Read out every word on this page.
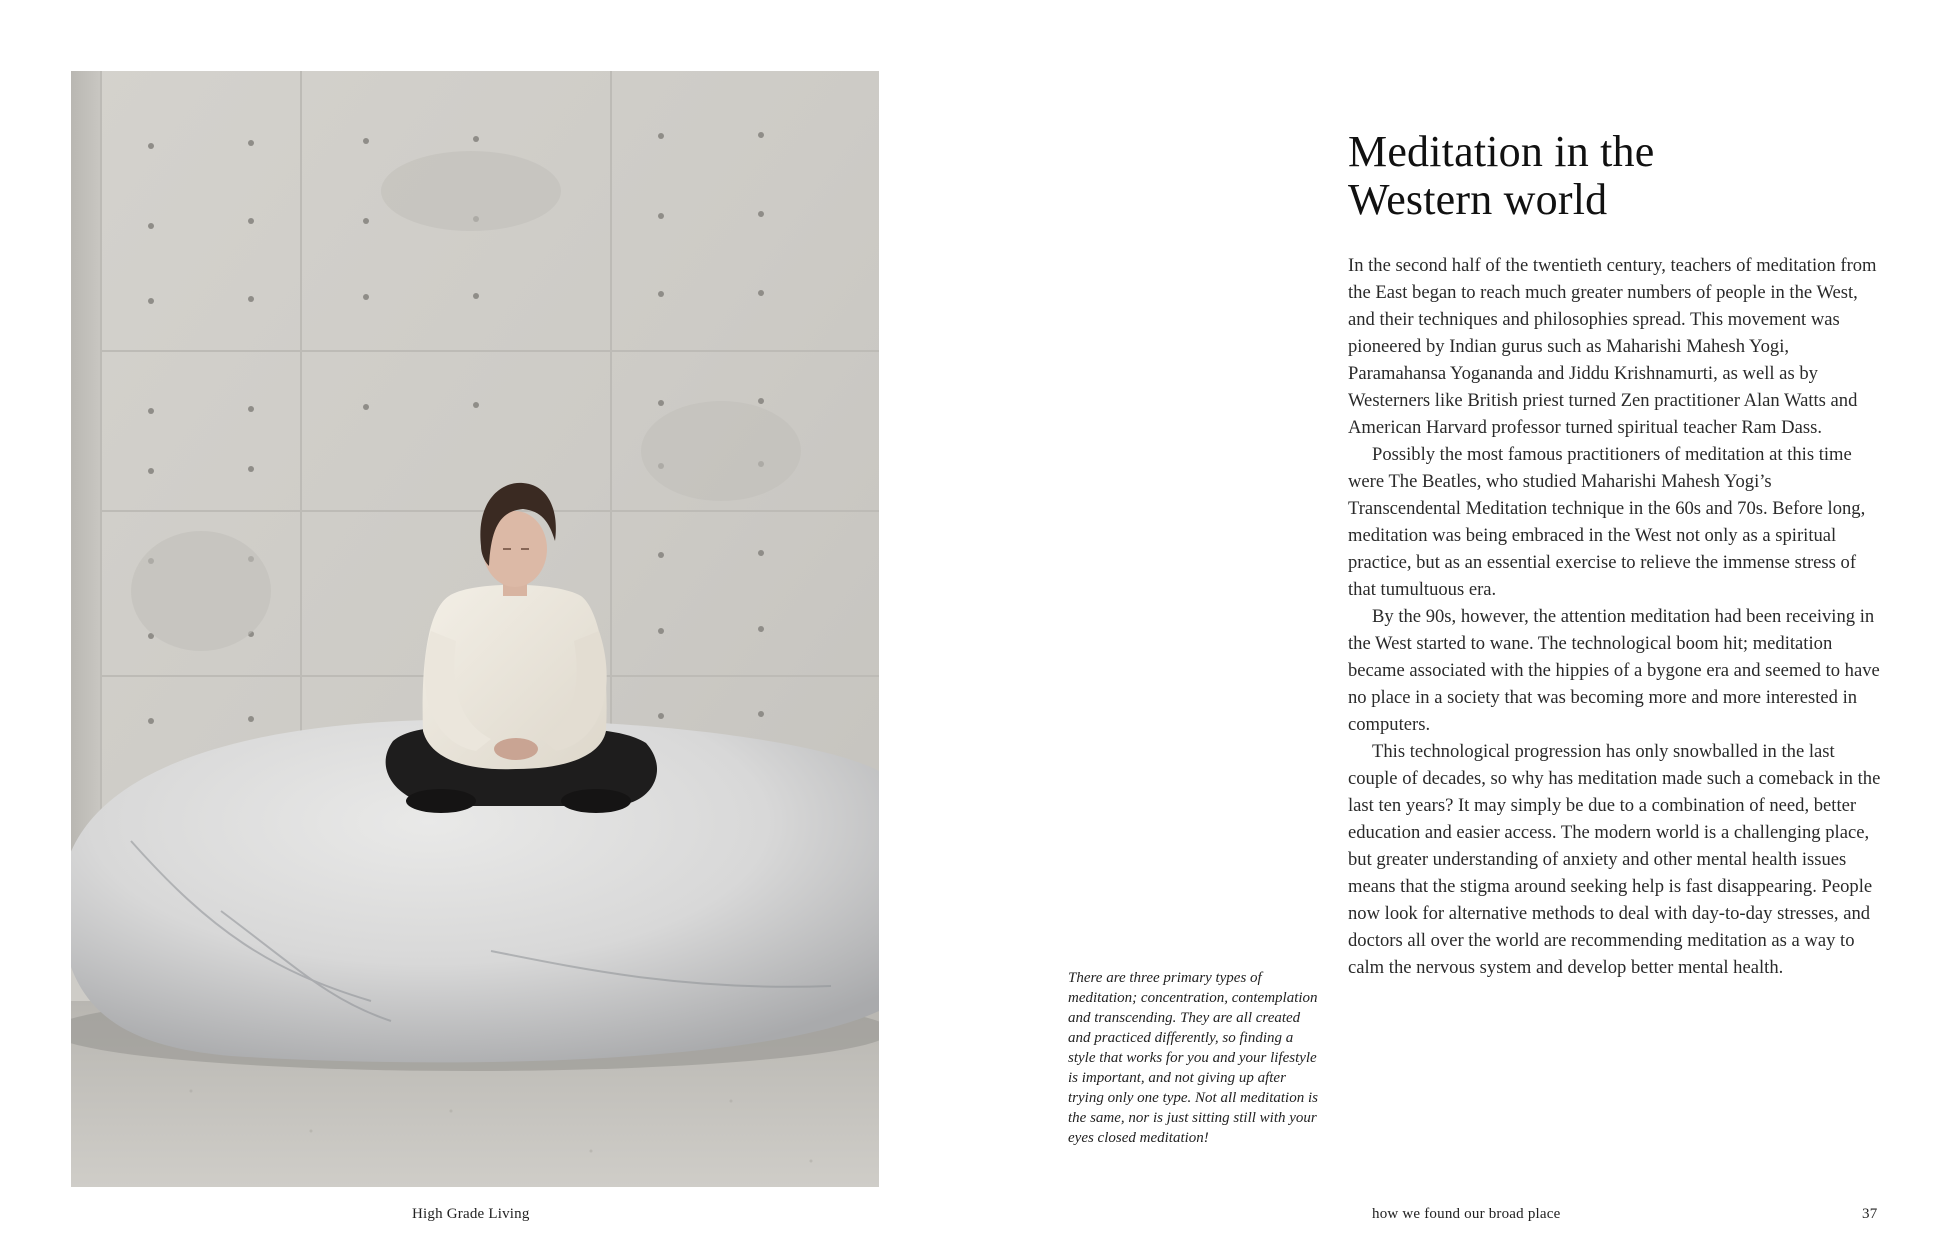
There are three primary types of meditation; concentration, contemplation and transcending. They are all created and practiced differently, so finding a style that works for you and your lifestyle is important, and not giving up after trying only one type. Not all meditation is the same, nor is just sitting still with your eyes closed meditation!

Meditation in the Western world

In the second half of the twentieth century, teachers of meditation from the East began to reach much greater numbers of people in the West, and their techniques and philosophies spread. This movement was pioneered by Indian gurus such as Maharishi Mahesh Yogi, Paramahansa Yogananda and Jiddu Krishnamurti, as well as by Westerners like British priest turned Zen practitioner Alan Watts and American Harvard professor turned spiritual teacher Ram Dass.

Possibly the most famous practitioners of meditation at this time were The Beatles, who studied Maharishi Mahesh Yogi’s Transcendental Meditation technique in the 60s and 70s. Before long, meditation was being embraced in the West not only as a spiritual practice, but as an essential exercise to relieve the immense stress of that tumultuous era.

By the 90s, however, the attention meditation had been receiving in the West started to wane. The technological boom hit; meditation became associated with the hippies of a bygone era and seemed to have no place in a society that was becoming more and more interested in computers.

This technological progression has only snowballed in the last couple of decades, so why has meditation made such a comeback in the last ten years? It may simply be due to a combination of need, better education and easier access. The modern world is a challenging place, but greater understanding of anxiety and other mental health issues means that the stigma around seeking help is fast disappearing. People now look for alternative methods to deal with day-to-day stresses, and doctors all over the world are recommending meditation as a way to calm the nervous system and develop better mental health.

High Grade Living	how we found our broad place	37
